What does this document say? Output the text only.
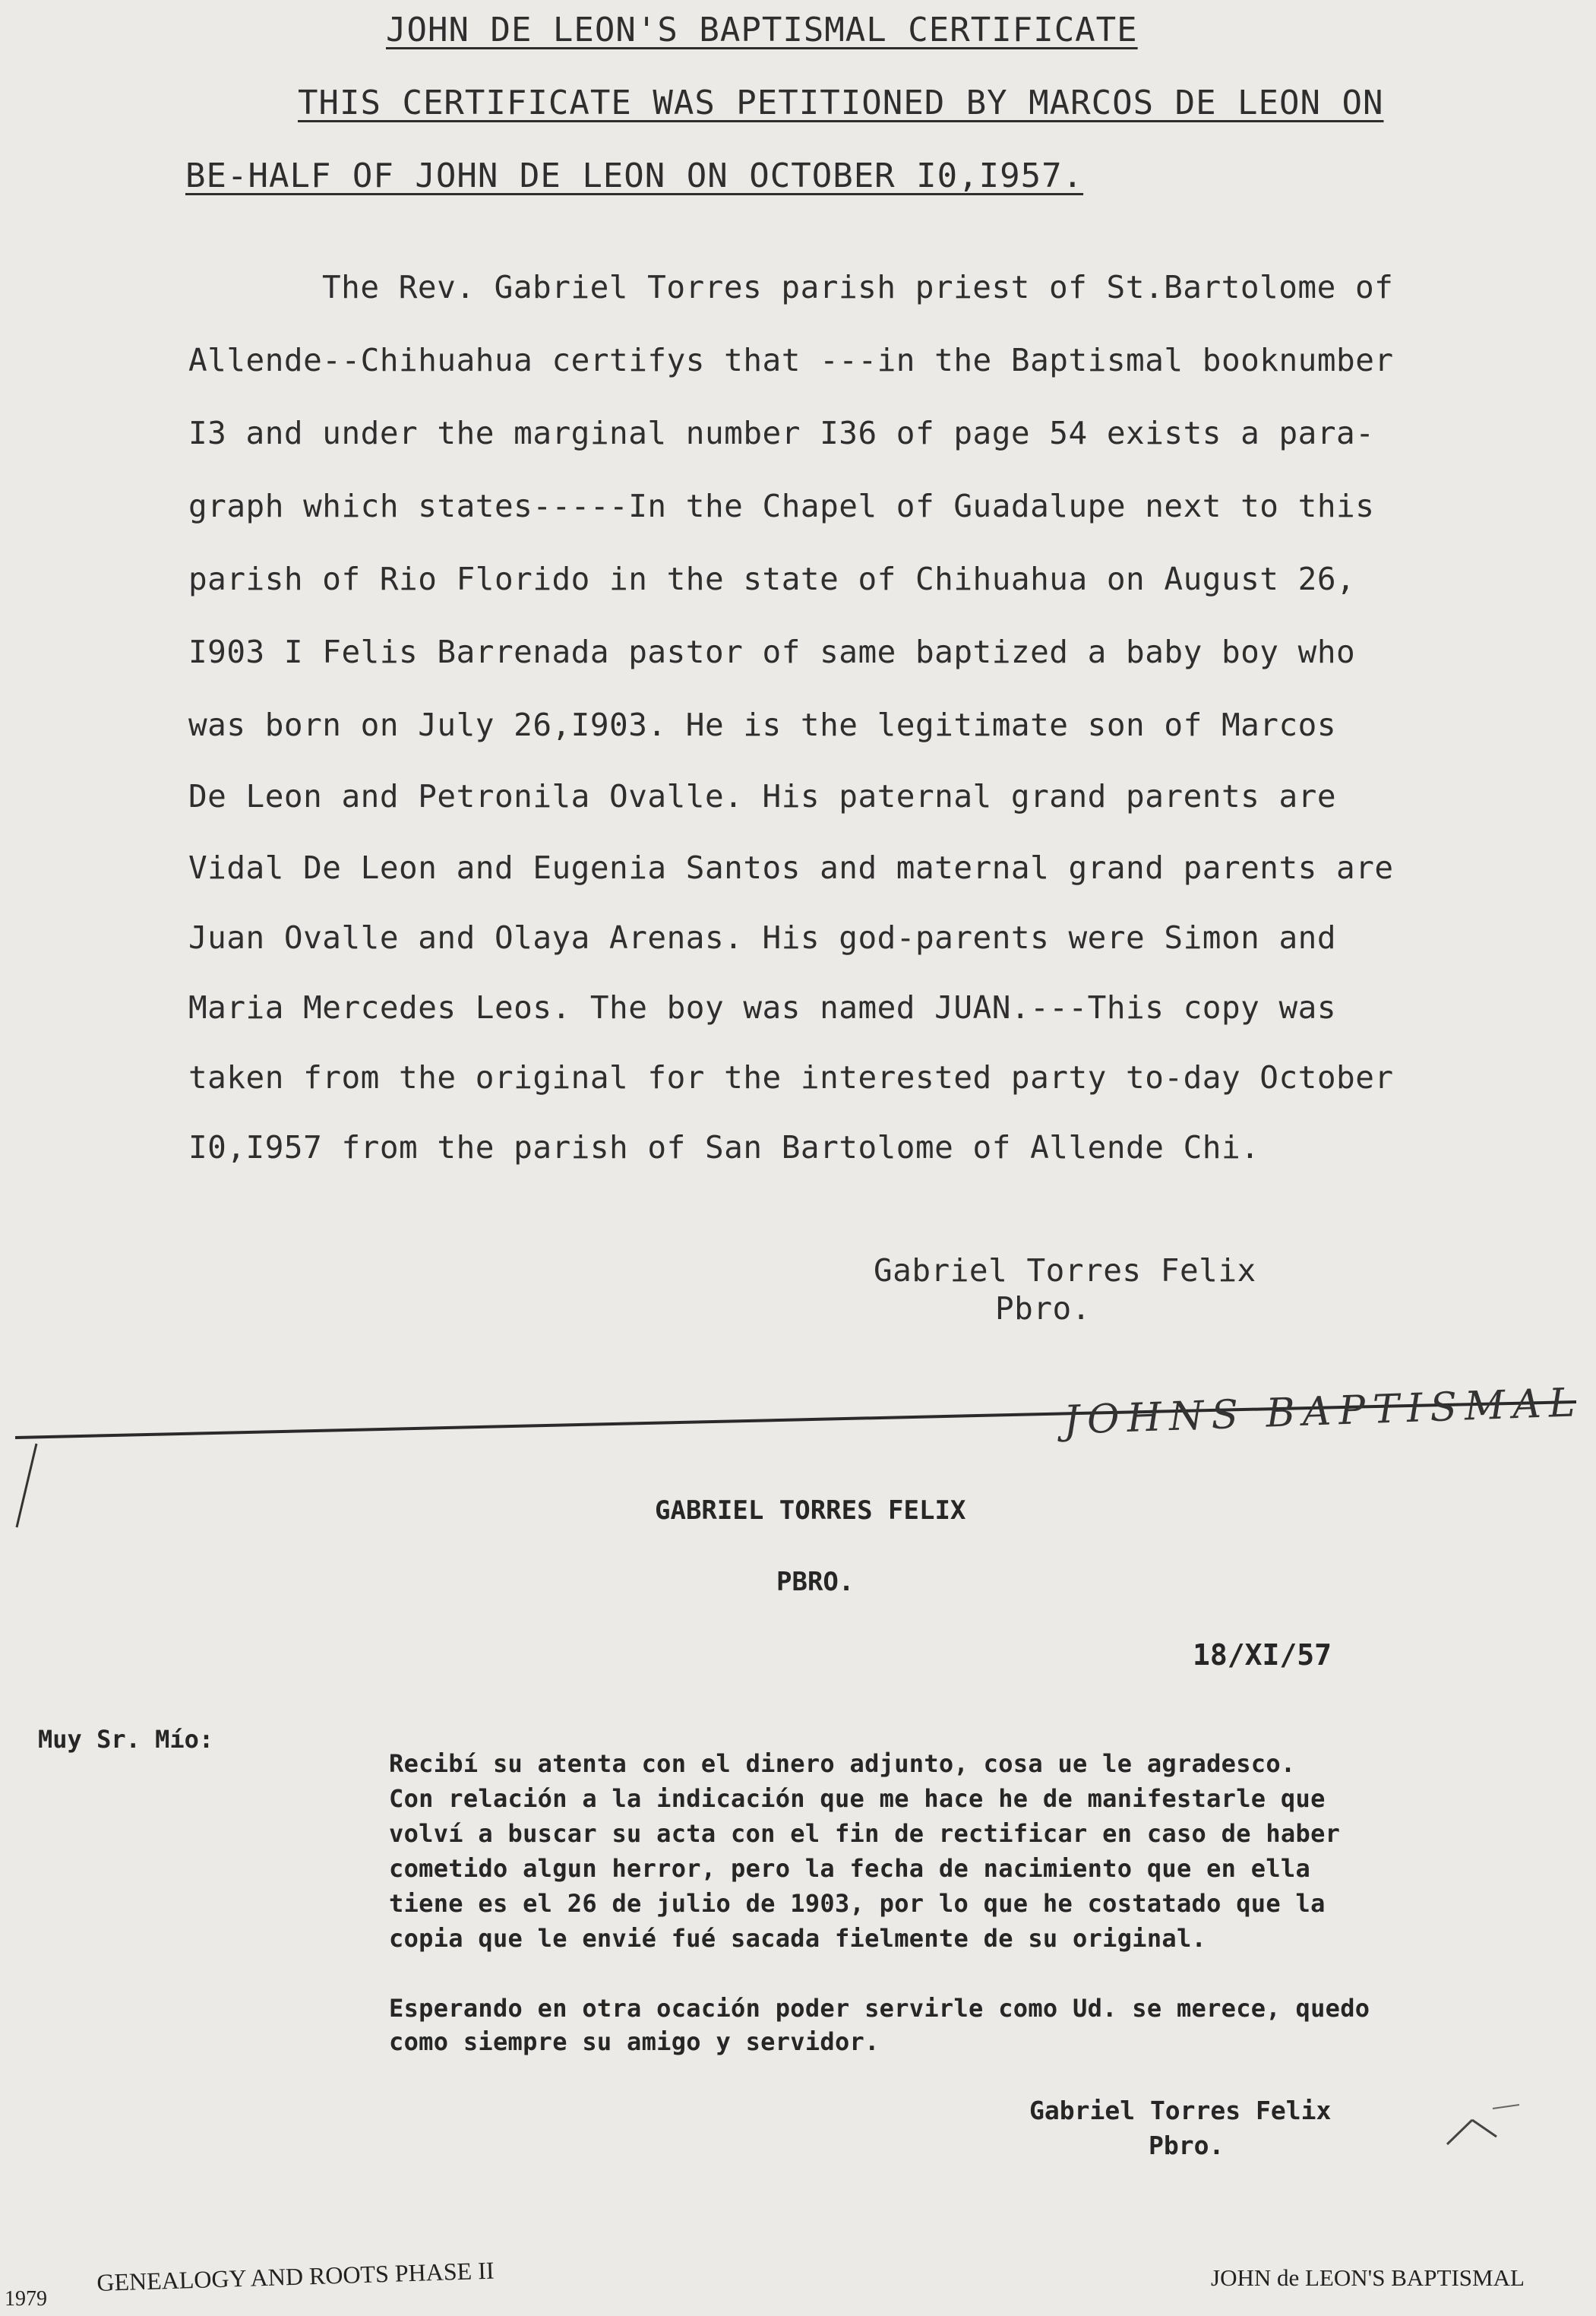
JOHN DE LEON'S BAPTISMAL CERTIFICATE
THIS CERTIFICATE WAS PETITIONED BY MARCOS DE LEON ON
BE-HALF OF JOHN DE LEON ON OCTOBER I0,I957.
The Rev. Gabriel Torres parish priest of St.Bartolome of
Allende--Chihuahua certifys that ---in the Baptismal booknumber
I3 and under the marginal number I36 of page 54 exists a para-
graph which states-----In the Chapel of Guadalupe next to this
parish of Rio Florido in the state of Chihuahua on August 26,
I903 I Felis Barrenada pastor of same baptized a baby boy who
was born on July 26,I903. He is the legitimate son of Marcos
De Leon and Petronila Ovalle. His paternal grand parents are
Vidal De Leon and Eugenia Santos and maternal grand parents are
Juan Ovalle and Olaya Arenas. His god-parents were Simon and
Maria Mercedes Leos. The boy was named JUAN.---This copy was
taken from the original for the interested party to-day October
I0,I957 from the parish of San Bartolome of Allende Chi.
Gabriel Torres Felix
Pbro.
JOHNS BAPTISMAL
GABRIEL TORRES FELIX
PBRO.
18/XI/57
Muy Sr. Mío:
Recibí su atenta con el dinero adjunto, cosa ue le agradesco.
Con relación a la indicación que me hace he de manifestarle que
volví a buscar su acta con el fin de rectificar en caso de haber
cometido algun herror, pero la fecha de nacimiento que en ella
tiene es el 26 de julio de 1903, por lo que he costatado que la
copia que le envié fué sacada fielmente de su original.
Esperando en otra ocación poder servirle como Ud. se merece, quedo
como siempre su amigo y servidor.
Gabriel Torres Felix
Pbro.
1979
GENEALOGY AND ROOTS PHASE II	JOHN de LEON'S BAPTISMAL
